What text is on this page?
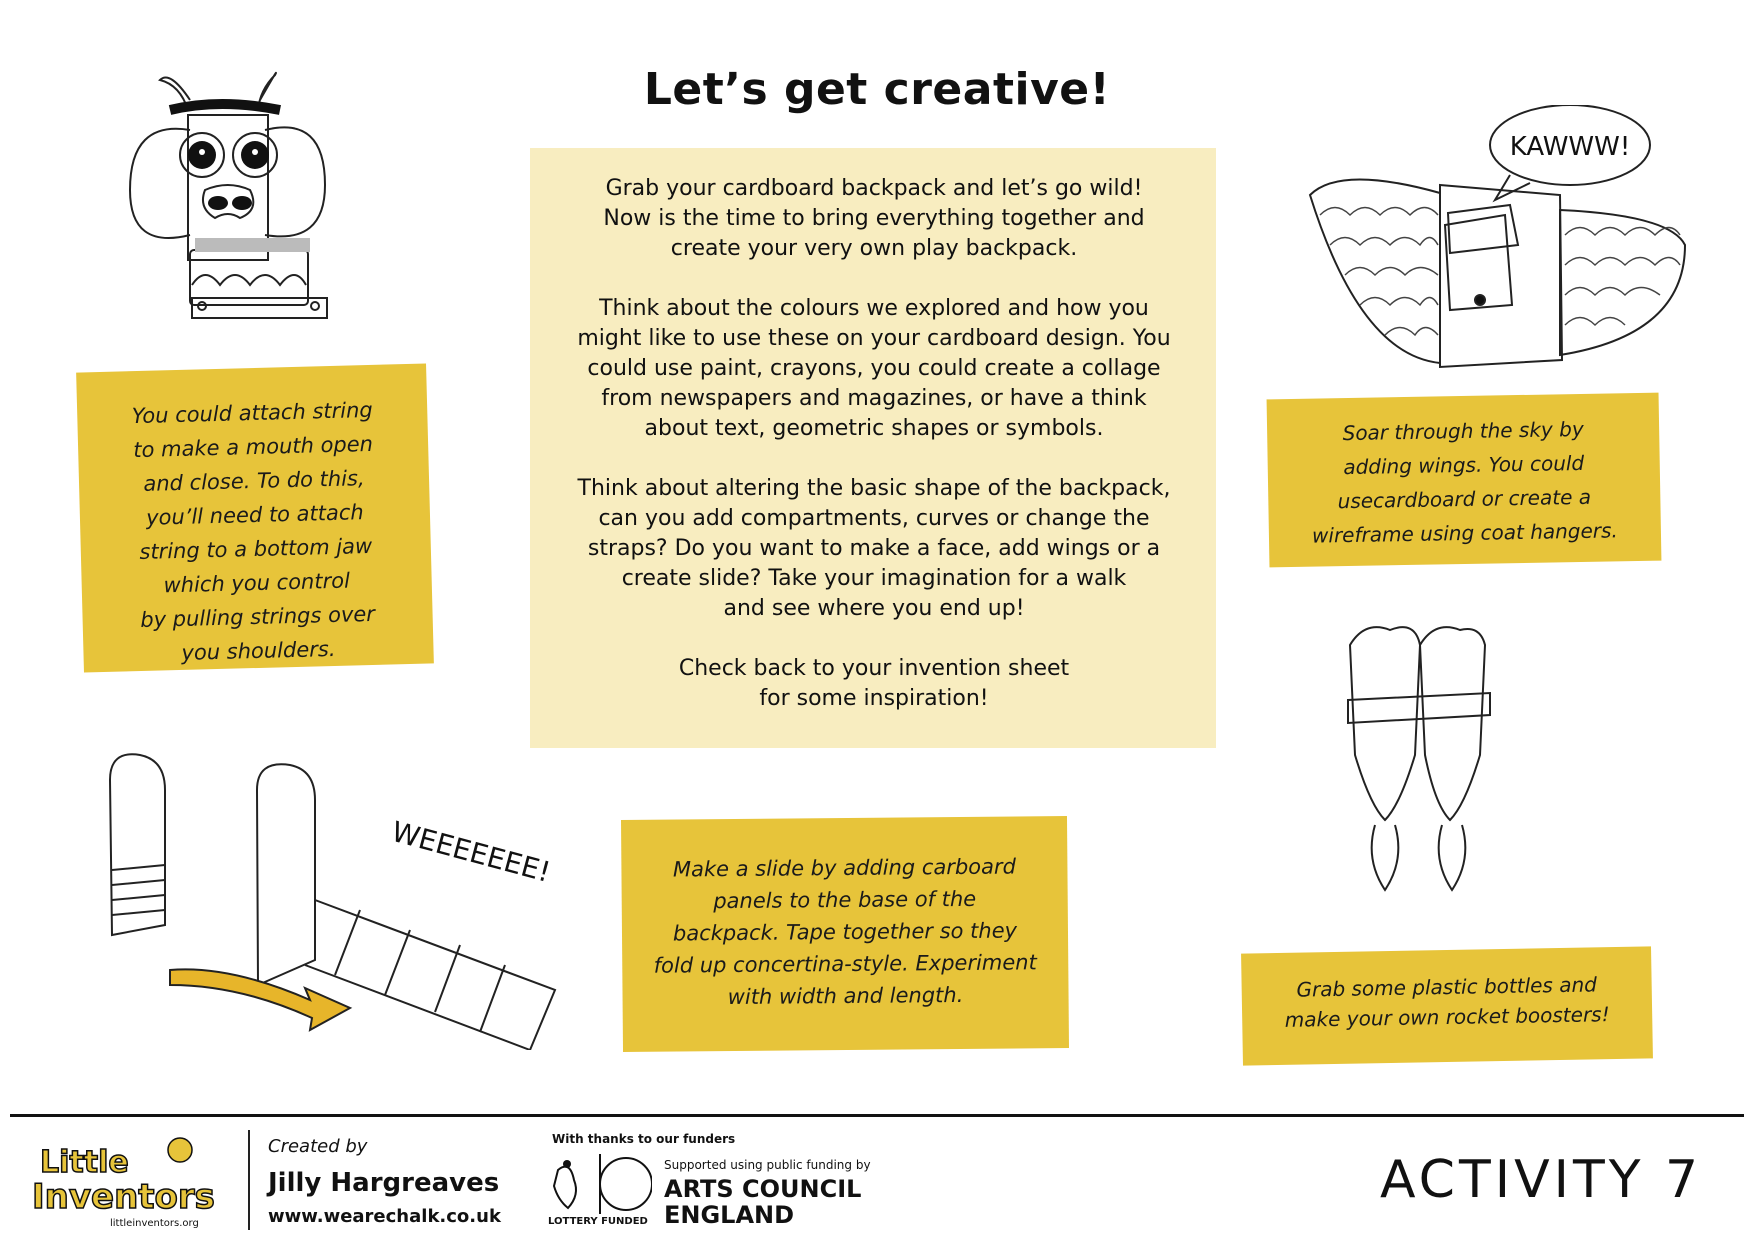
Let’s get creative!
Grab your cardboard backpack and let’s go wild!
Now is the time to bring everything together and
create your very own play backpack.

Think about the colours we explored and how you
might like to use these on your cardboard design. You
could use paint, crayons, you could create a collage
from newspapers and magazines, or have a think
about text, geometric shapes or symbols.

Think about altering the basic shape of the backpack,
can you add compartments, curves or change the
straps? Do you want to make a face, add wings or a
create slide? Take your imagination for a walk
and see where you end up!

Check back to your invention sheet
for some inspiration!
You could attach string
to make a mouth open
and close. To do this,
you’ll need to attach
string to a bottom jaw
which you control
by pulling strings over
you shoulders.
Soar through the sky by
adding wings. You could
usecardboard or create a
wireframe using coat hangers.
Make a slide by adding carboard
panels to the base of the
backpack. Tape together so they
fold up concertina-style. Experiment
with width and length.	Grab some plastic bottles and
make your own rocket boosters!
KAWWW!
WEEEEEEE!
Little
Inventors
littleinventors.org
Created by
Jilly Hargreaves
www.wearechalk.co.uk
With thanks to our funders
LOTTERY FUNDED
Supported using public funding by
ARTS COUNCIL
ENGLAND
ACTIVITY 7
